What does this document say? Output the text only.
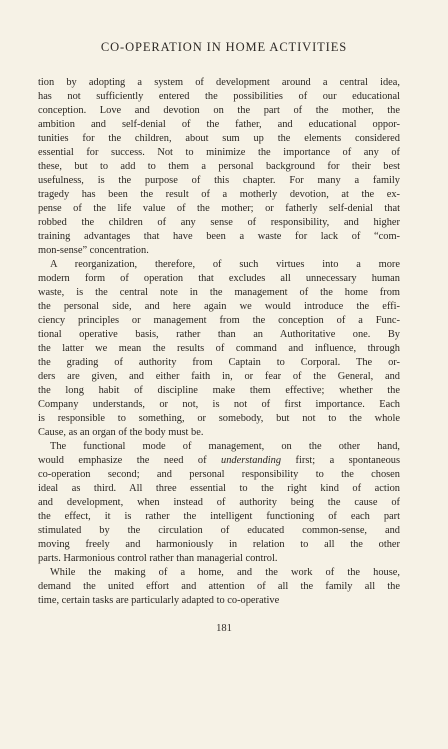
CO-OPERATION IN HOME ACTIVITIES
tion by adopting a system of development around a central idea,
has not sufficiently entered the possibilities of our educational
conception. Love and devotion on the part of the mother, the
ambition and self-denial of the father, and educational oppor-
tunities for the children, about sum up the elements considered
essential for success. Not to minimize the importance of any of
these, but to add to them a personal background for their best
usefulness, is the purpose of this chapter. For many a family
tragedy has been the result of a motherly devotion, at the ex-
pense of the life value of the mother; or fatherly self-denial that
robbed the children of any sense of responsibility, and higher
training advantages that have been a waste for lack of “com-
mon-sense” concentration.
A reorganization, therefore, of such virtues into a more
modern form of operation that excludes all unnecessary human
waste, is the central note in the management of the home from
the personal side, and here again we would introduce the effi-
ciency principles or management from the conception of a Func-
tional operative basis, rather than an Authoritative one. By
the latter we mean the results of command and influence, through
the grading of authority from Captain to Corporal. The or-
ders are given, and either faith in, or fear of the General, and
the long habit of discipline make them effective; whether the
Company understands, or not, is not of first importance. Each
is responsible to something, or somebody, but not to the whole
Cause, as an organ of the body must be.
The functional mode of management, on the other hand,
would emphasize the need of understanding first; a spontaneous
co-operation second; and personal responsibility to the chosen
ideal as third. All three essential to the right kind of action
and development, when instead of authority being the cause of
the effect, it is rather the intelligent functioning of each part
stimulated by the circulation of educated common-sense, and
moving freely and harmoniously in relation to all the other
parts. Harmonious control rather than managerial control.
While the making of a home, and the work of the house,
demand the united effort and attention of all the family all the
time, certain tasks are particularly adapted to co-operative
181
